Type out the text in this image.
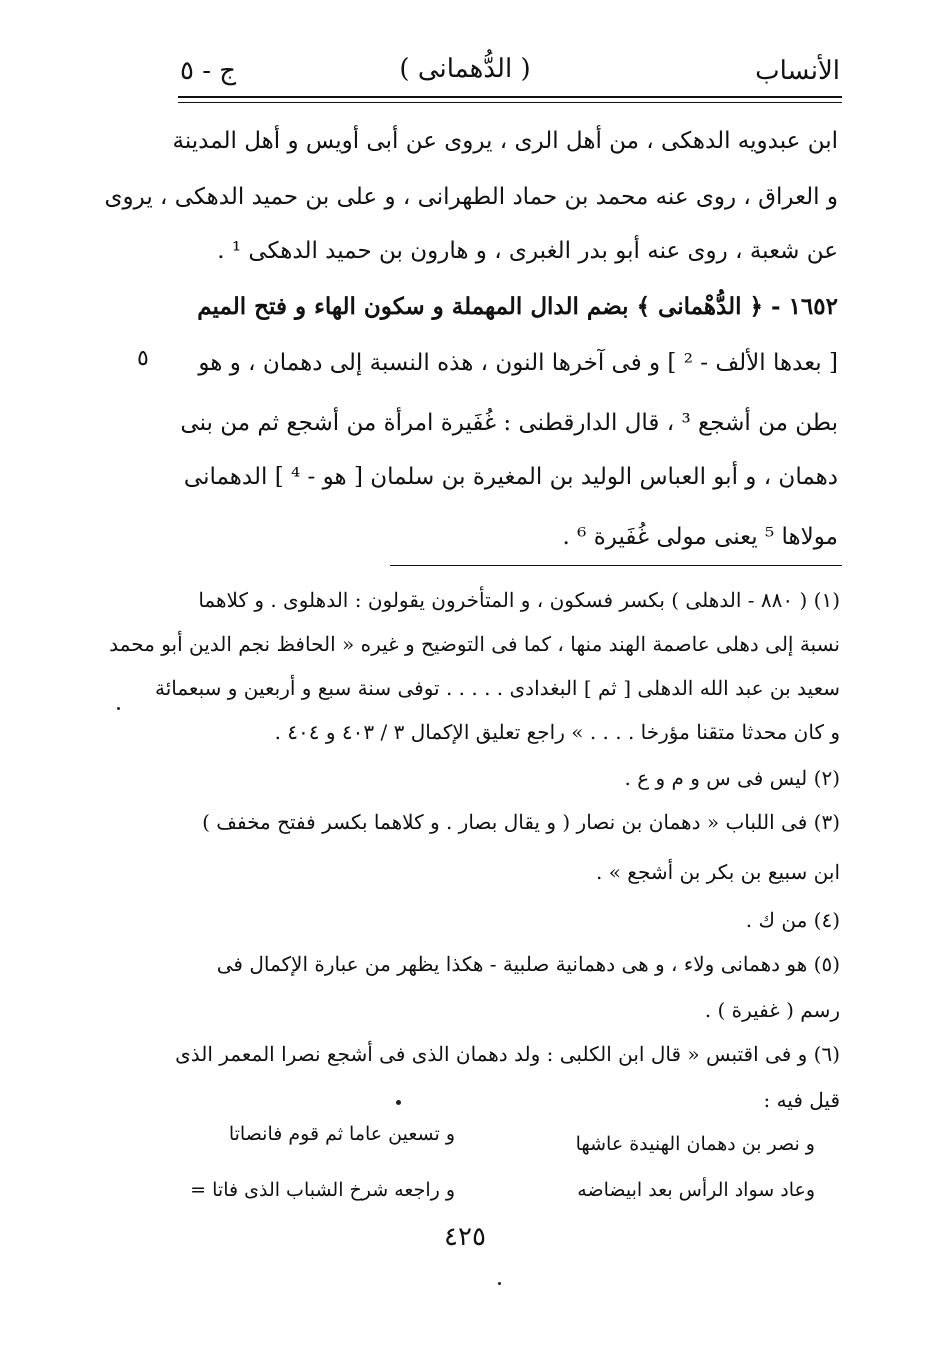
الأنساب
( الدُّهمانى )
ج - ٥
ابن عبدويه الدهكى ، من أهل الرى ، يروى عن أبى أويس و أهل المدينة
و العراق ، روى عنه محمد بن حماد الطهرانى ، و على بن حميد الدهكى ، يروى
عن شعبة ، روى عنه أبو بدر الغبرى ، و هارون بن حميد الدهكى ¹ .
١٦٥٢ - ﴿ الدُّهْمانى ﴾ بضم الدال المهملة و سكون الهاء و فتح الميم
[ بعدها الألف - ² ] و فى آخرها النون ، هذه النسبة إلى دهمان ، و هو
بطن من أشجع ³ ، قال الدارقطنى : غُفَيرة امرأة من أشجع ثم من بنى
دهمان ، و أبو العباس الوليد بن المغيرة بن سلمان [ هو - ⁴ ] الدهمانى
مولاها ⁵ يعنى مولى غُفَيرة ⁶ .
٥
(١) ( ٨٨٠ - الدهلى ) بكسر فسكون ، و المتأخرون يقولون : الدهلوى . و كلاهما
نسبة إلى دهلى عاصمة الهند منها ، كما فى التوضيح و غيره « الحافظ نجم الدين أبو محمد
سعيد بن عبد الله الدهلى [ ثم ] البغدادى . . . . . توفى سنة سبع و أربعين و سبعمائة
و كان محدثا متقنا مؤرخا . . . . » راجع تعليق الإكمال ٣ / ٤٠٣ و ٤٠٤ .
(٢) ليس فى س و م و ع .
(٣) فى اللباب « دهمان بن نصار ( و يقال بصار . و كلاهما بكسر ففتح مخفف )
ابن سبيع بن بكر بن أشجع » .
(٤) من ك .
(٥) هو دهمانى ولاء ، و هى دهمانية صلبية - هكذا يظهر من عبارة الإكمال فى
رسم ( غفيرة ) .
(٦) و فى اقتبس « قال ابن الكلبى : ولد دهمان الذى فى أشجع نصرا المعمر الذى
قيل فيه :
و نصر بن دهمان الهنيدة عاشها
و تسعين عاما ثم قوم فانصاتا
وعاد سواد الرأس بعد ابيضاضه
و راجعه شرخ الشباب الذى فاتا =
٤٢٥
